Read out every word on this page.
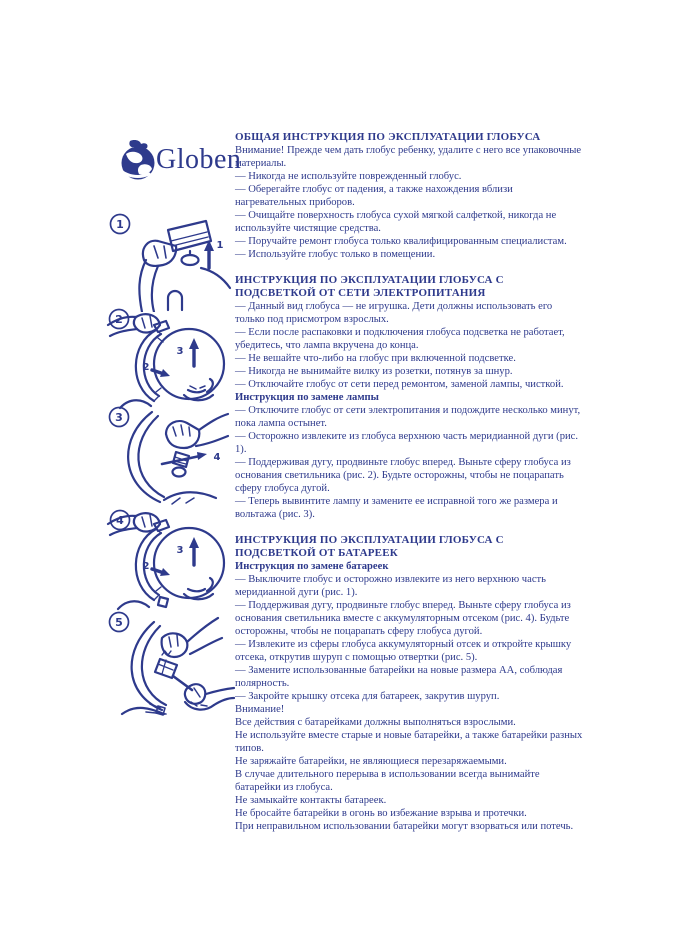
Globen
1
1
2
2
3
3
4
4
2
3
5
ОБЩАЯ ИНСТРУКЦИЯ ПО ЭКСПЛУАТАЦИИ ГЛОБУСА

Внимание! Прежде чем дать глобус ребенку, удалите с него все упаковочные материалы.

— Никогда не используйте поврежденный глобус.

— Оберегайте глобус от падения, а также нахождения вблизи нагревательных приборов.

— Очищайте поверхность глобуса сухой мягкой салфеткой, никогда не используйте чистящие средства.

— Поручайте ремонт глобуса только квалифицированным специалистам.

— Используйте глобус только в помещении.

ИНСТРУКЦИЯ ПО ЭКСПЛУАТАЦИИ ГЛОБУСА С ПОДСВЕТКОЙ ОТ СЕТИ ЭЛЕКТРОПИТАНИЯ

— Данный вид глобуса — не игрушка. Дети должны использовать его только под присмотром взрослых.

— Если после распаковки и подключения глобуса подсветка не работает, убедитесь, что лампа вкручена до конца.

— Не вешайте что-либо на глобус при включенной подсветке.

— Никогда не вынимайте вилку из розетки, потянув за шнур.

— Отключайте глобус от сети перед ремонтом, заменой лампы, чисткой.

Инструкция по замене лампы

— Отключите глобус от сети электропитания и подождите несколько минут, пока лампа остынет.

— Осторожно извлеките из глобуса верхнюю часть меридианной дуги (рис. 1).

— Поддерживая дугу, продвиньте глобус вперед. Выньте сферу глобуса из основания светильника (рис. 2). Будьте осторожны, чтобы не поцарапать сферу глобуса дугой.

— Теперь вывинтите лампу и замените ее исправной того же размера и вольтажа (рис. 3).

ИНСТРУКЦИЯ ПО ЭКСПЛУАТАЦИИ ГЛОБУСА С ПОДСВЕТКОЙ ОТ БАТАРЕЕК

Инструкция по замене батареек

— Выключите глобус и осторожно извлеките из него верхнюю часть меридианной дуги (рис. 1).

— Поддерживая дугу, продвиньте глобус вперед. Выньте сферу глобуса из основания светильника вместе с аккумуляторным отсеком (рис. 4). Будьте осторожны, чтобы не поцарапать сферу глобуса дугой.

— Извлеките из сферы глобуса аккумуляторный отсек и откройте крышку отсека, открутив шуруп с помощью отвертки (рис. 5).

— Замените использованные батарейки на новые размера АА, соблюдая полярность.

— Закройте крышку отсека для батареек, закрутив шуруп.

Внимание!

Все действия с батарейками должны выполняться взрослыми.

Не используйте вместе старые и новые батарейки, а также батарейки разных типов.

Не заряжайте батарейки, не являющиеся перезаряжаемыми.

В случае длительного перерыва в использовании всегда вынимайте батарейки из глобуса.

Не замыкайте контакты батареек.

Не бросайте батарейки в огонь во избежание взрыва и протечки.

При неправильном использовании батарейки могут взорваться или потечь.
